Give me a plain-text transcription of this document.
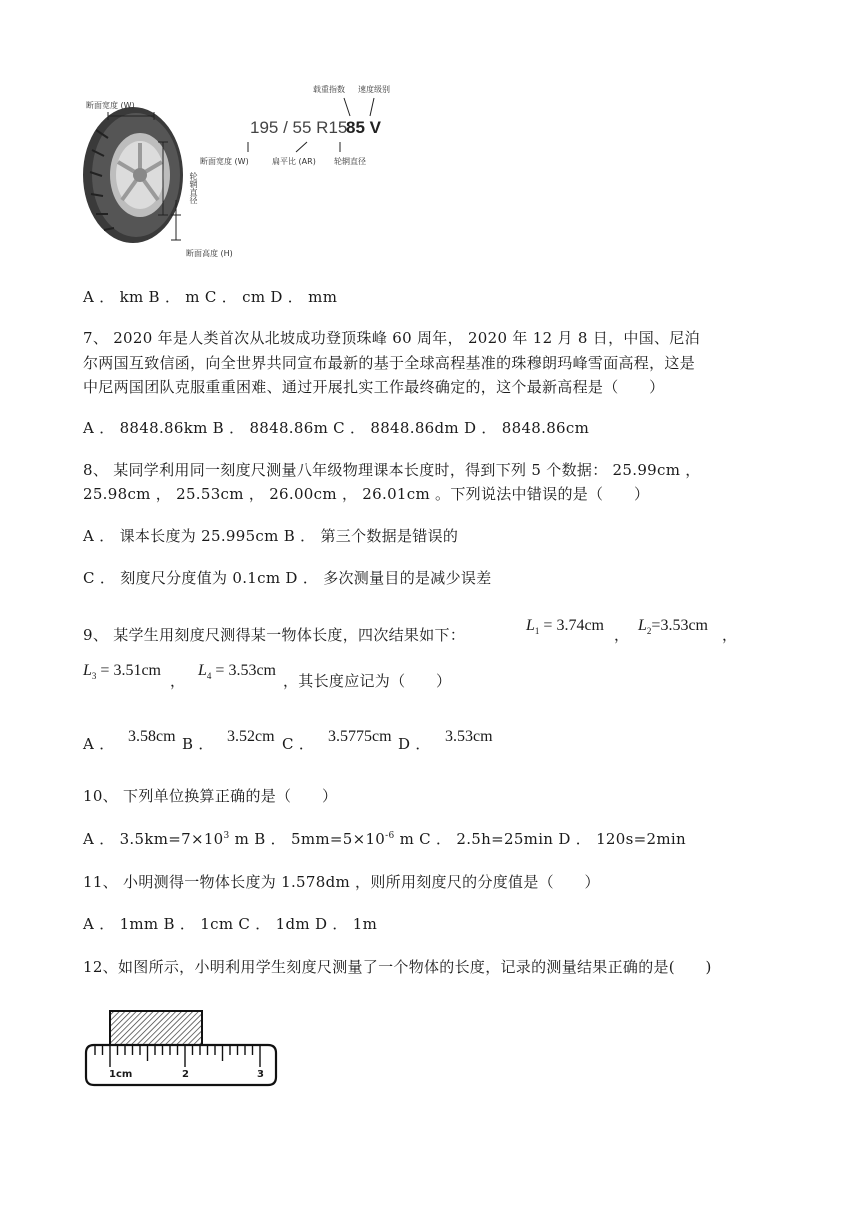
断面宽度 (W)
载重指数 速度级别
195 / 55 R15
85 V
断面宽度 (W)	扁平比 (AR) 轮辋直径
轮辋直径
断面高度 (H)
A ． km B ． m C ． cm D ． mm
7、 2020 年是人类首次从北坡成功登顶珠峰 60 周年， 2020 年 12 月 8 日，中国、尼泊
尔两国互致信函，向全世界共同宣布最新的基于全球高程基准的珠穆朗玛峰雪面高程，这是
中尼两国团队克服重重困难、通过开展扎实工作最终确定的，这个最新高程是（　　）
A ． 8848.86km B ． 8848.86m C ． 8848.86dm D ． 8848.86cm
8、 某同学利用同一刻度尺测量八年级物理课本长度时，得到下列 5 个数据： 25.99cm ，
25.98cm ， 25.53cm ， 26.00cm ， 26.01cm 。下列说法中错误的是（　　）
A ． 课本长度为 25.995cm B ． 第三个数据是错误的
C ． 刻度尺分度值为 0.1cm D ． 多次测量目的是减少误差
9、 某学生用刻度尺测得某一物体长度，四次结果如下：
$L_1 = 3.74cm$
，
$L_2=3.53cm$
，
$L_3 = 3.51cm$
，
$L_4 = 3.53cm$
，其长度应记为（　　）
A ． 3.58cm B ． 3.52cm C ． 3.5775cm D ． 3.53cm
10、 下列单位换算正确的是（　　）
A ． $3.5km=7\times 10^3$ m B ． $5mm=5\times 10^{-6}$ m C ． 2.5h=25min D ． 120s=2min
11、 小明测得一物体长度为 1.578dm ，则所用刻度尺的分度值是（　　）
A ． 1mm B ． 1cm C ． 1dm D ． 1m
12、如图所示，小明利用学生刻度尺测量了一个物体的长度，记录的测量结果正确的是(　　)
1cm	2	3
